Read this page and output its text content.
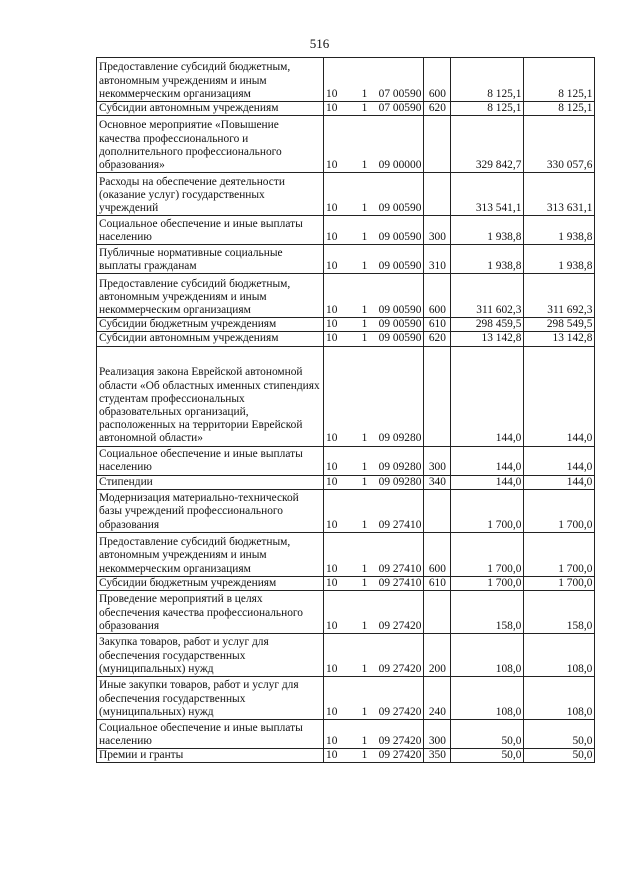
516
Предоставление субсидий бюджетным, автономным учреждениям и иным некоммерческим организациям	10	1   07 00590	600	8 125,1	8 125,1
Субсидии автономным учреждениям	10	1   07 00590	620	8 125,1	8 125,1
Основное мероприятие «Повышение качества профессионального и дополнительного профессионального образования»	10	1   09 00000		329 842,7	330 057,6
Расходы на обеспечение деятельности (оказание услуг) государственных учреждений	10	1   09 00590		313 541,1	313 631,1
Социальное обеспечение и иные выплаты населению	10	1   09 00590	300	1 938,8	1 938,8
Публичные нормативные социальные выплаты гражданам	10	1   09 00590	310	1 938,8	1 938,8
Предоставление субсидий бюджетным, автономным учреждениям и иным некоммерческим организациям	10	1   09 00590	600	311 602,3	311 692,3
Субсидии бюджетным учреждениям	10	1   09 00590	610	298 459,5	298 549,5
Субсидии автономным учреждениям	10	1   09 00590	620	13 142,8	13 142,8
Реализация закона Еврейской автономной области «Об областных именных стипендиях студентам профессиональных образовательных организаций, расположенных на территории Еврейской автономной области»	10	1   09 09280		144,0	144,0
Социальное обеспечение и иные выплаты населению	10	1   09 09280	300	144,0	144,0
Стипендии	10	1   09 09280	340	144,0	144,0
Модернизация материально-технической базы учреждений профессионального образования	10	1   09 27410		1 700,0	1 700,0
Предоставление субсидий бюджетным, автономным учреждениям и иным некоммерческим организациям	10	1   09 27410	600	1 700,0	1 700,0
Субсидии бюджетным учреждениям	10	1   09 27410	610	1 700,0	1 700,0
Проведение мероприятий в целях обеспечения качества профессионального образования	10	1   09 27420		158,0	158,0
Закупка товаров, работ и услуг для обеспечения государственных (муниципальных) нужд	10	1   09 27420	200	108,0	108,0
Иные закупки товаров, работ и услуг для обеспечения государственных (муниципальных) нужд	10	1   09 27420	240	108,0	108,0
Социальное обеспечение и иные выплаты населению	10	1   09 27420	300	50,0	50,0
Премии и гранты	10	1   09 27420	350	50,0	50,0
